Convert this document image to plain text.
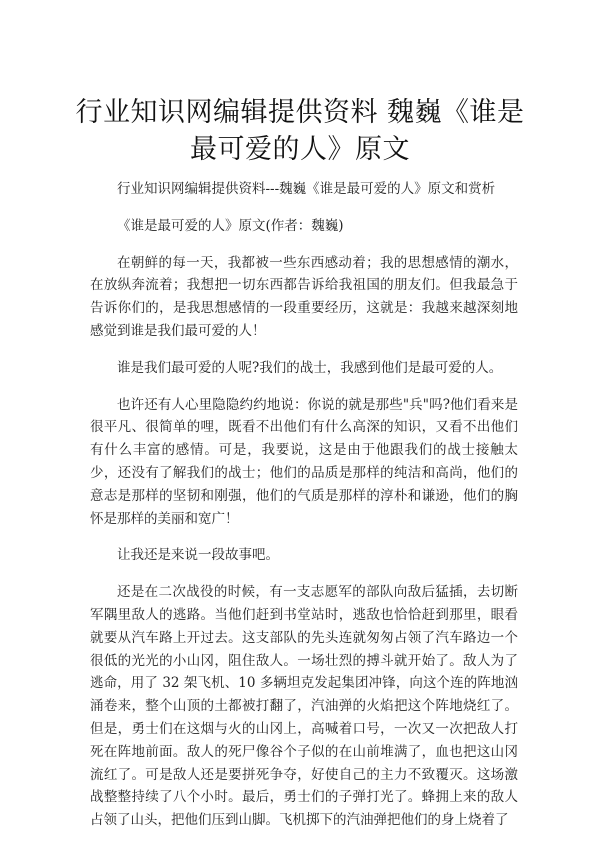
行业知识网编辑提供资料 魏巍《谁是
最可爱的人》原文

行业知识网编辑提供资料---魏巍《谁是最可爱的人》原文和赏析

《谁是最可爱的人》原文(作者：魏巍)

在朝鲜的每一天，我都被一些东西感动着；我的思想感情的潮水，在放纵奔流着；我想把一切东西都告诉给我祖国的朋友们。但我最急于告诉你们的，是我思想感情的一段重要经历，这就是：我越来越深刻地感觉到谁是我们最可爱的人！

谁是我们最可爱的人呢?我们的战士，我感到他们是最可爱的人。

也许还有人心里隐隐约约地说：你说的就是那些"兵"吗?他们看来是很平凡、很简单的哩，既看不出他们有什么高深的知识，又看不出他们有什么丰富的感情。可是，我要说，这是由于他跟我们的战士接触太少，还没有了解我们的战士；他们的品质是那样的纯洁和高尚，他们的意志是那样的坚韧和刚强，他们的气质是那样的淳朴和谦逊，他们的胸怀是那样的美丽和宽广！

让我还是来说一段故事吧。

还是在二次战役的时候，有一支志愿军的部队向敌后猛插，去切断军隅里敌人的逃路。当他们赶到书堂站时，逃敌也恰恰赶到那里，眼看就要从汽车路上开过去。这支部队的先头连就匆匆占领了汽车路边一个很低的光光的小山冈，阻住敌人。一场壮烈的搏斗就开始了。敌人为了逃命，用了 32 架飞机、10 多辆坦克发起集团冲锋，向这个连的阵地汹涌卷来，整个山顶的土都被打翻了，汽油弹的火焰把这个阵地烧红了。但是，勇士们在这烟与火的山冈上，高喊着口号，一次又一次把敌人打死在阵地前面。敌人的死尸像谷个子似的在山前堆满了，血也把这山冈流红了。可是敌人还是要拼死争夺，好使自己的主力不致覆灭。这场激战整整持续了八个小时。最后，勇士们的子弹打光了。蜂拥上来的敌人占领了山头，把他们压到山脚。飞机掷下的汽油弹把他们的身上烧着了
